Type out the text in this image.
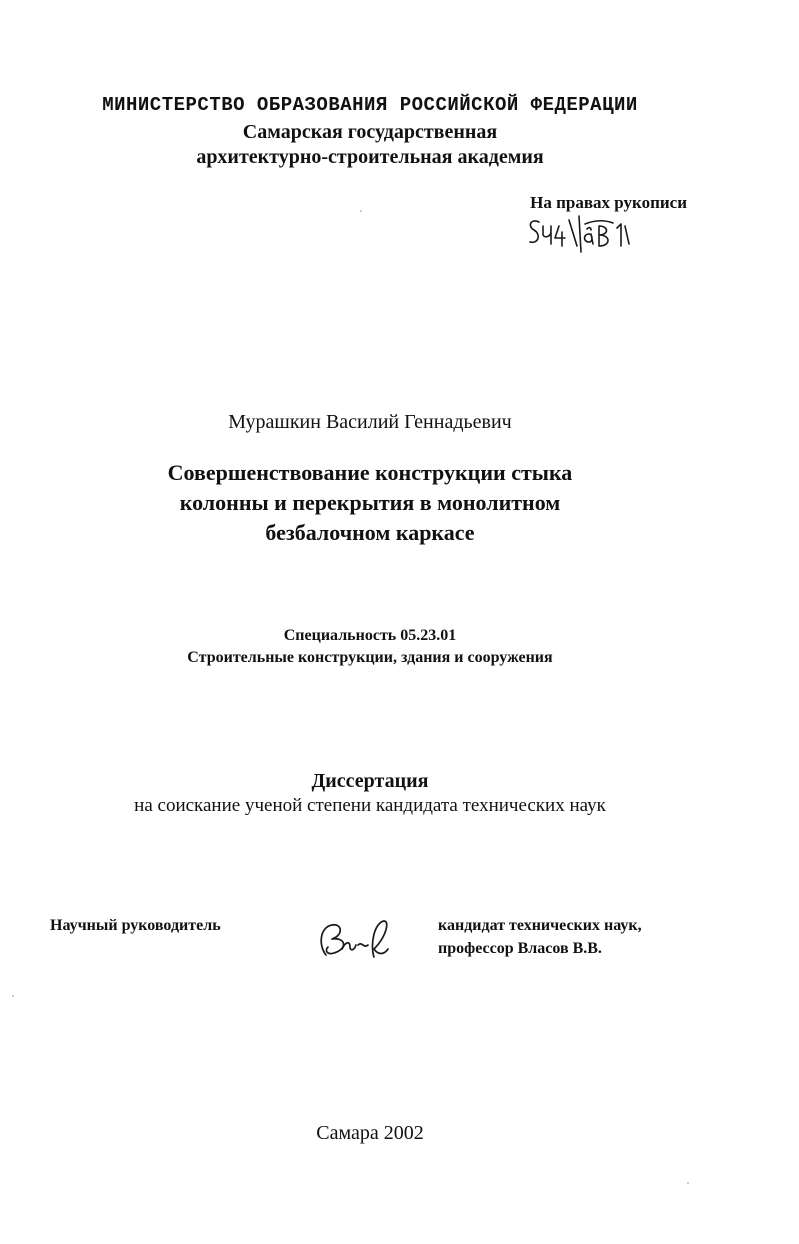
МИНИСТЕРСТВО ОБРАЗОВАНИЯ РОССИЙСКОЙ ФЕДЕРАЦИИ
Самарская государственная
архитектурно-строительная академия
На правах рукописи
Sч4 ∂ B1
Мурашкин Василий Геннадьевич
Совершенствование конструкции стыка
колонны и перекрытия в монолитном
безбалочном каркасе
Специальность 05.23.01
Строительные конструкции, здания и сооружения
Диссертация
на соискание ученой степени кандидата технических наук
Научный руководитель	кандидат технических наук,
профессор Власов В.В.
Самара 2002
